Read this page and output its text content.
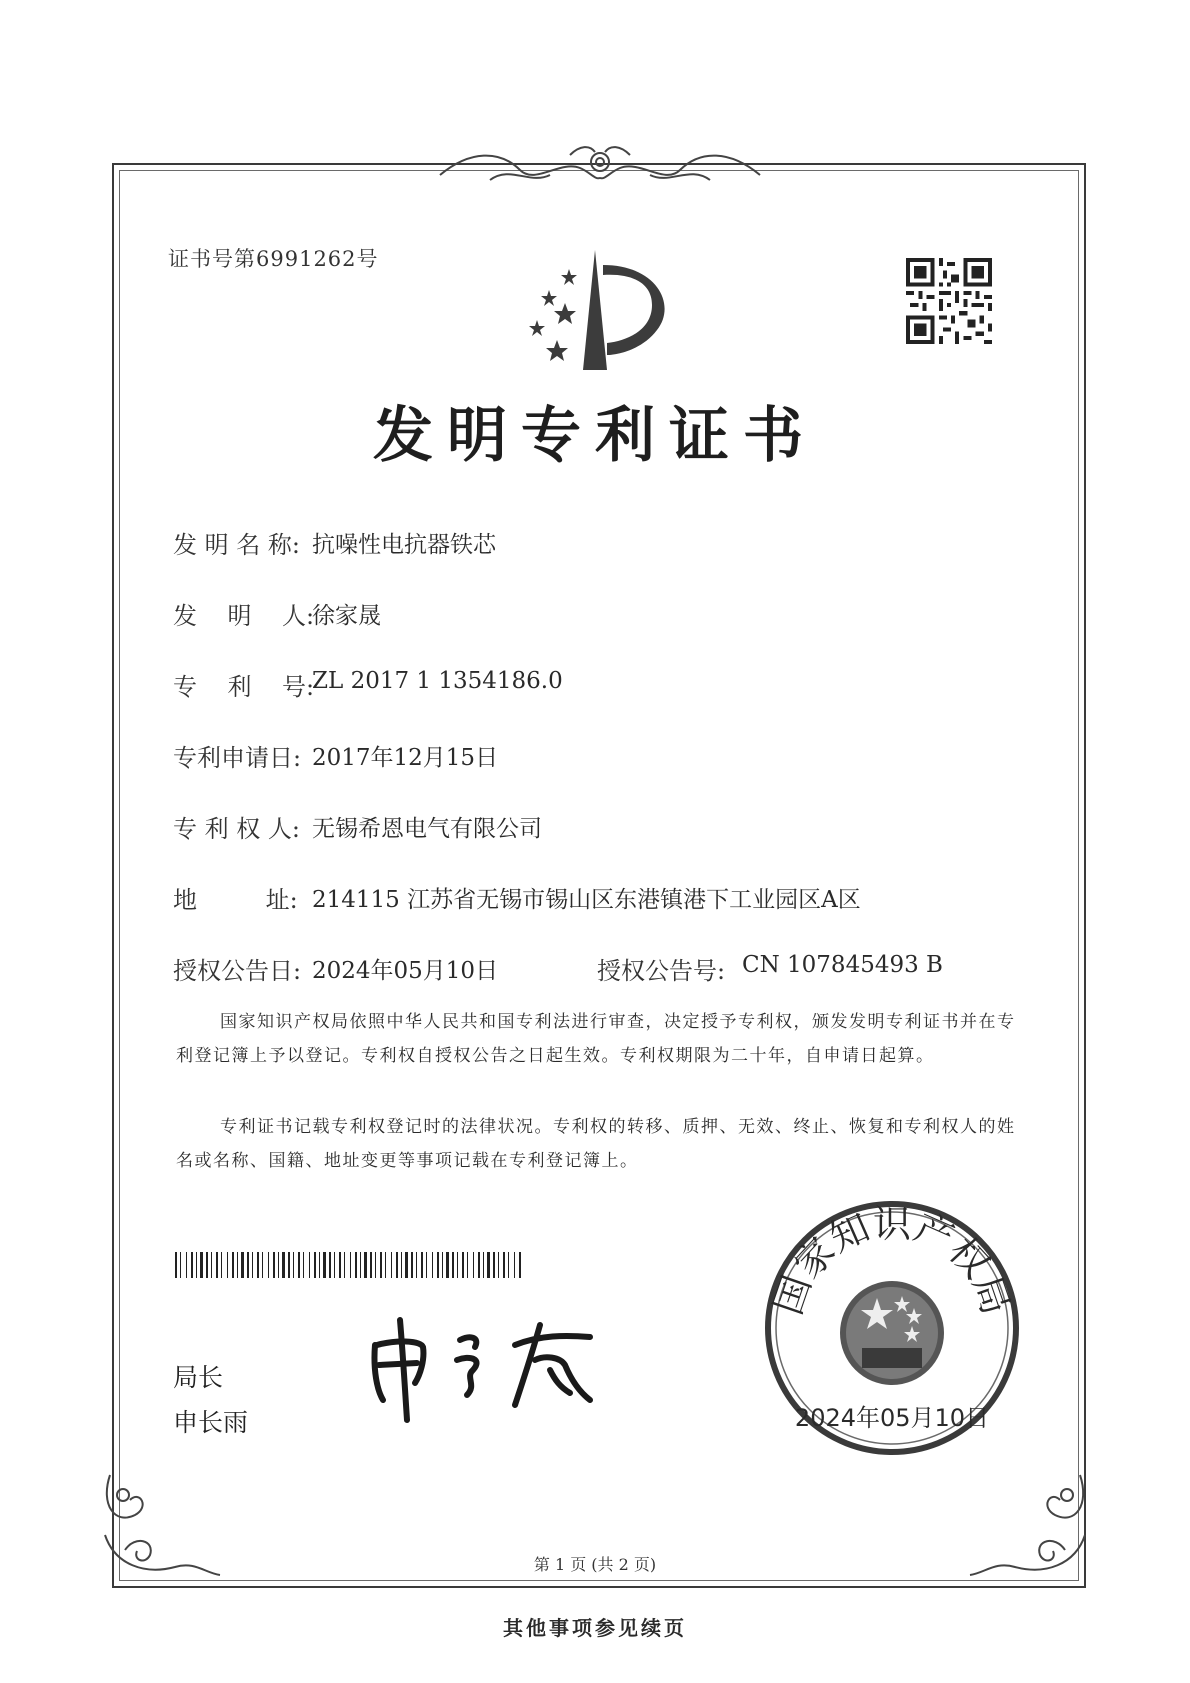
证书号第6991262号
发明专利证书
发 明 名 称: 抗噪性电抗器铁芯
发    明    人:
徐家晟
专    利    号:
ZL 2017 1 1354186.0
专利申请日: 2017年12月15日
专 利 权 人: 无锡希恩电气有限公司
地         址: 214115 江苏省无锡市锡山区东港镇港下工业园区A区
授权公告日: 2024年05月10日	授权公告号: CN 107845493 B
国家知识产权局依照中华人民共和国专利法进行审查，决定授予专利权，颁发发明专利证书并在专利登记簿上予以登记。专利权自授权公告之日起生效。专利权期限为二十年，自申请日起算。
专利证书记载专利权登记时的法律状况。专利权的转移、质押、无效、终止、恢复和专利权人的姓名或名称、国籍、地址变更等事项记载在专利登记簿上。
局长
申长雨
国家知识产权局
2024年05月10日
第 1 页 (共 2 页)
其他事项参见续页
